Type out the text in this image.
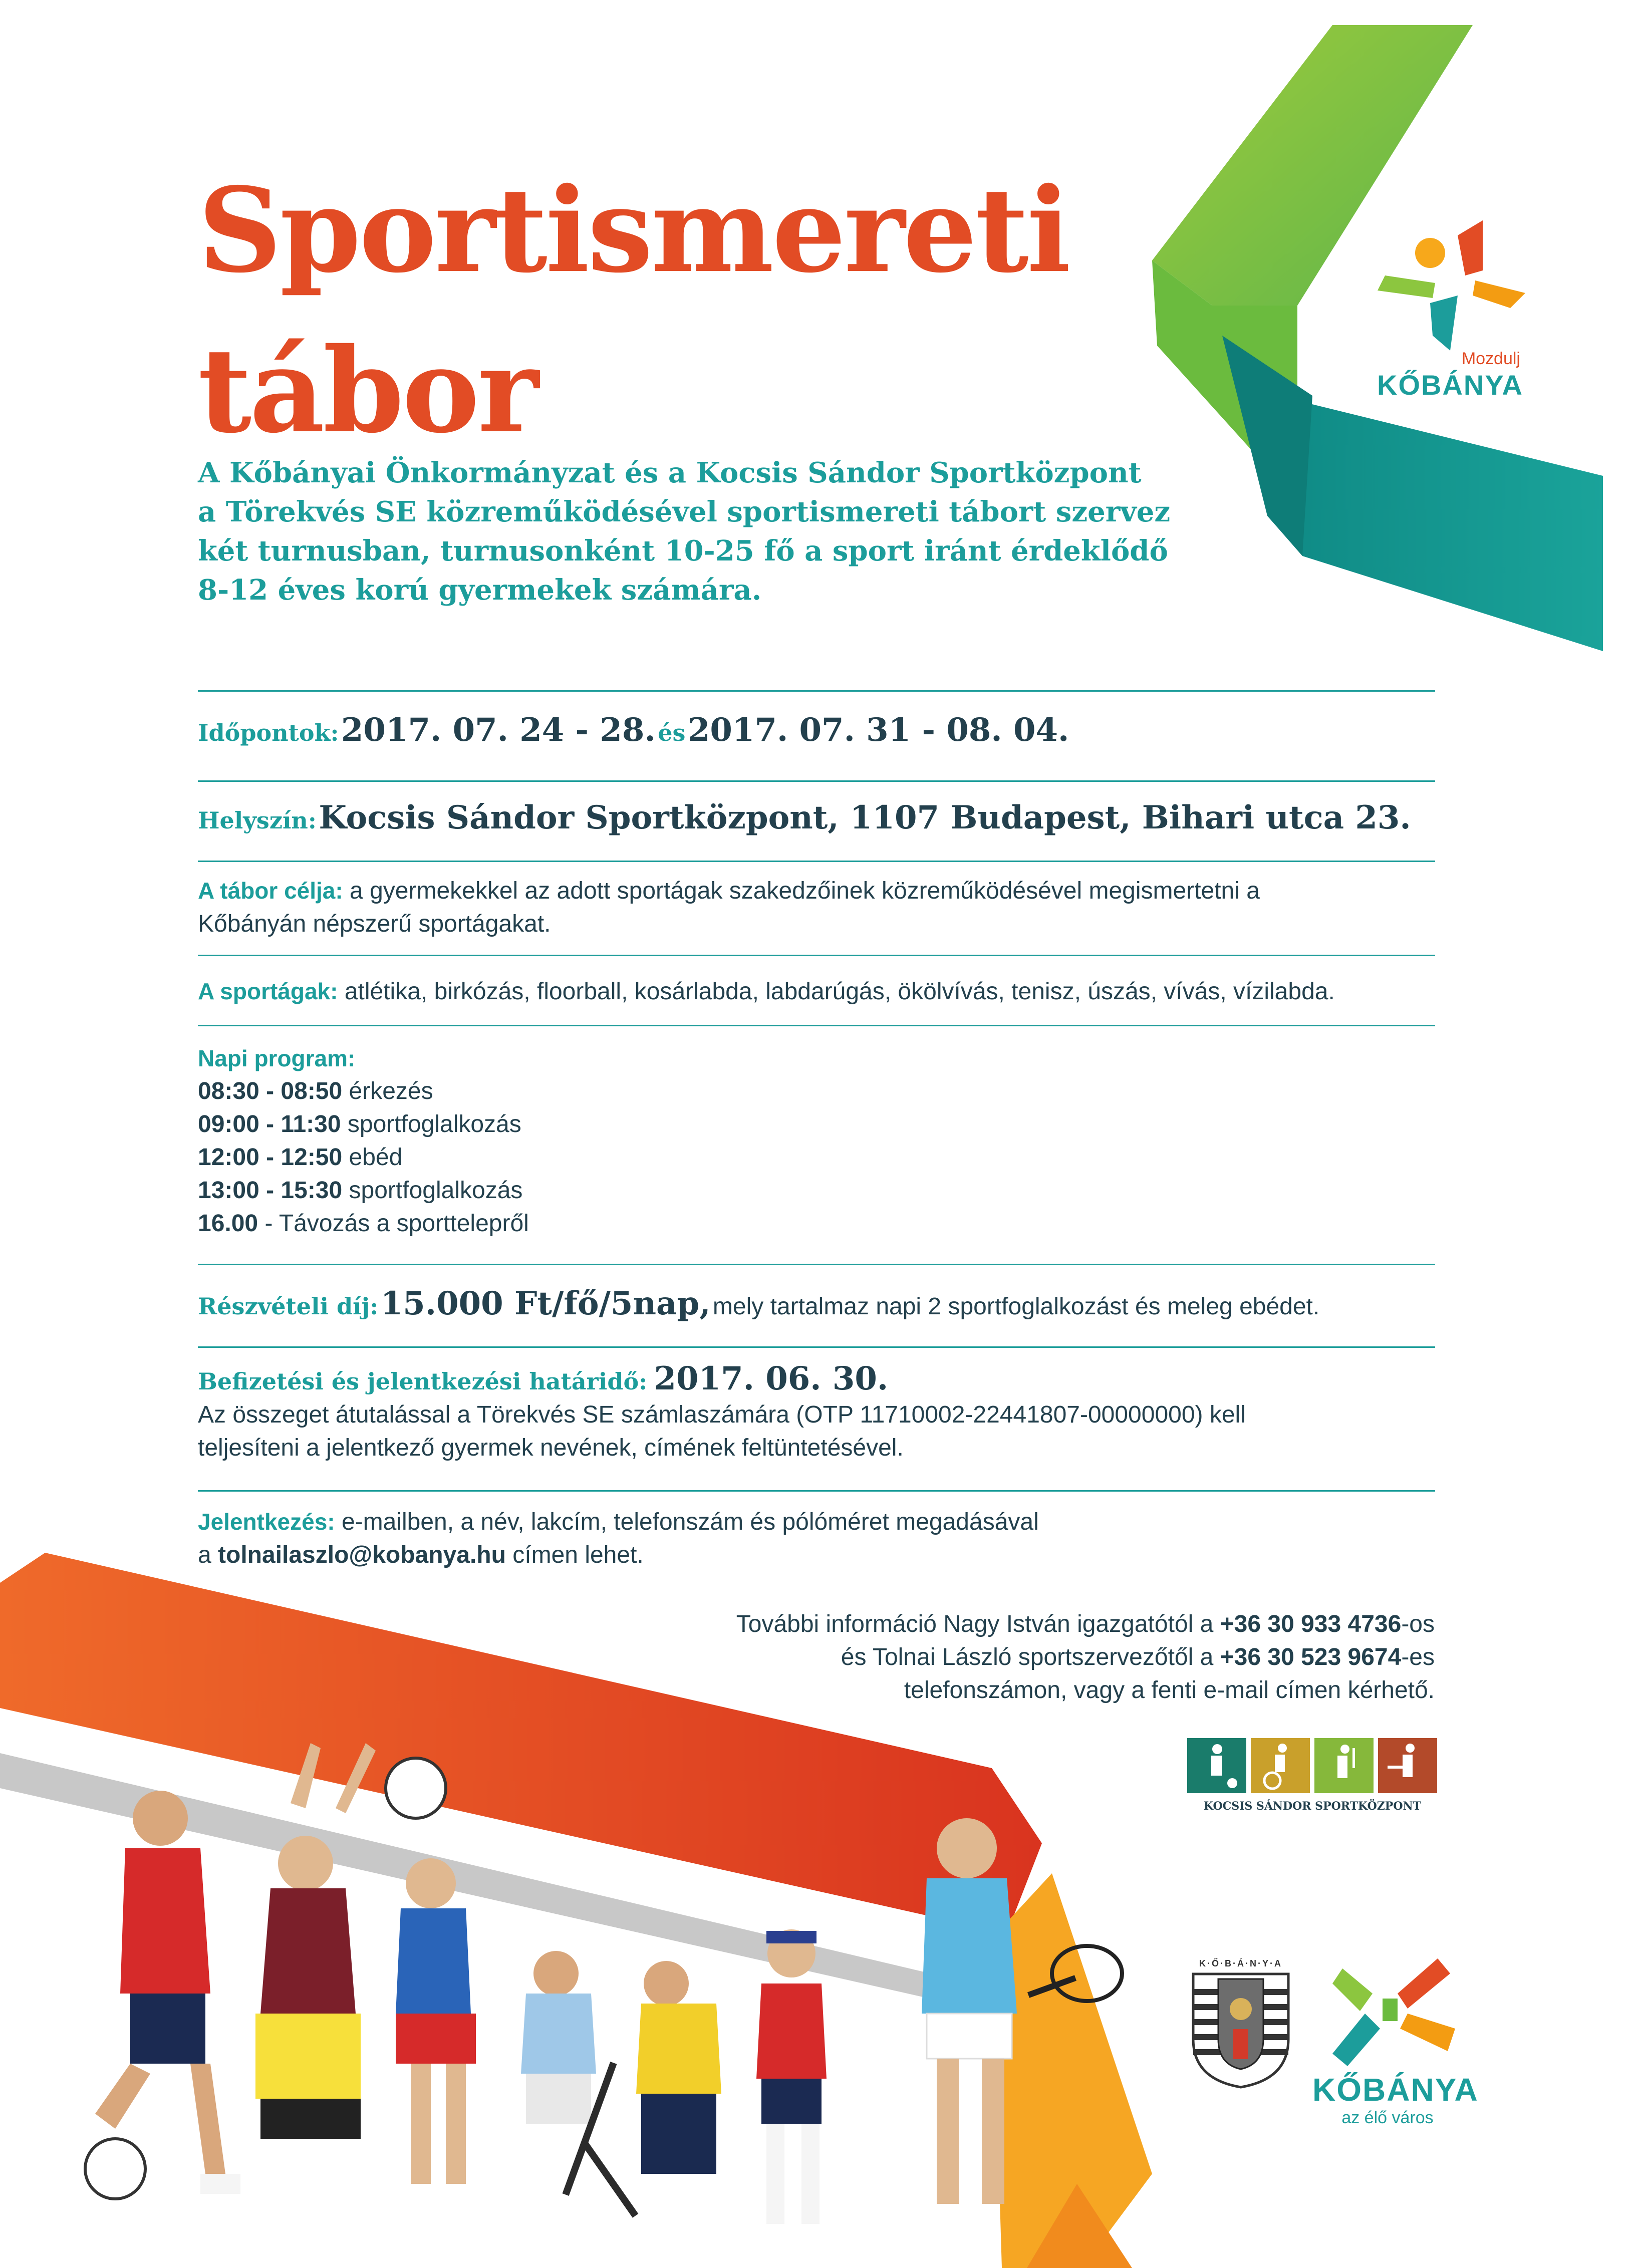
Mozdulj
KŐBÁNYA
Sportismereti
tábor

A Kőbányai Önkormányzat és a Kocsis Sándor Sportközpont
a Törekvés SE közreműködésével sportismereti tábort szervez
két turnusban, turnusonként 10-25 fő a sport iránt érdeklődő
8-12 éves korú gyermekek számára.

Időpontok: 2017. 07. 24 - 28. és 2017. 07. 31 - 08. 04.
Helyszín: Kocsis Sándor Sportközpont, 1107 Budapest, Bihari utca 23.
A tábor célja: a gyermekekkel az adott sportágak szakedzőinek közreműködésével megismertetni a
Kőbányán népszerű sportágakat.
A sportágak: atlétika, birkózás, floorball, kosárlabda, labdarúgás, ökölvívás, tenisz, úszás, vívás, vízilabda.
Napi program:
08:30 - 08:50 érkezés
09:00 - 11:30 sportfoglalkozás
12:00 - 12:50 ebéd
13:00 - 15:30 sportfoglalkozás
16.00 - Távozás a sporttelepről
Részvételi díj: 15.000 Ft/fő/5nap, mely tartalmaz napi 2 sportfoglalkozást és meleg ebédet.
Befizetési és jelentkezési határidő: 2017. 06. 30.
Az összeget átutalással a Törekvés SE számlaszámára (OTP 11710002-22441807-00000000) kell
teljesíteni a jelentkező gyermek nevének, címének feltüntetésével.
Jelentkezés: e-mailben, a név, lakcím, telefonszám és pólóméret megadásával
a tolnailaszlo@kobanya.hu címen lehet.
További információ Nagy István igazgatótól a +36 30 933 4736-os
és Tolnai László sportszervezőtől a +36 30 523 9674-es
telefonszámon, vagy a fenti e-mail címen kérhető.
KOCSIS SÁNDOR SPORTKÖZPONT
K·Ő·B·Á·N·Y·A
KŐBÁNYA
az élő város
